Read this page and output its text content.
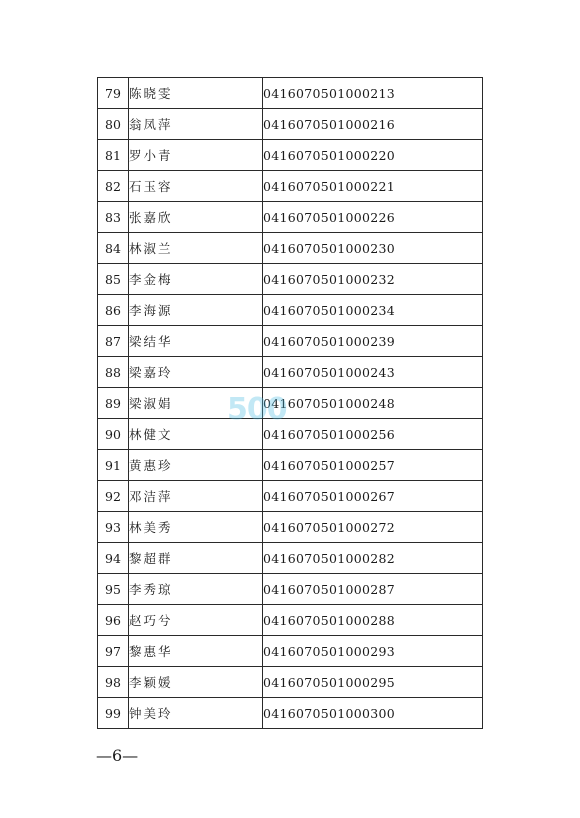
79	陈晓雯	0416070501000213
80	翁凤萍	0416070501000216
81	罗小青	0416070501000220
82	石玉容	0416070501000221
83	张嘉欣	0416070501000226
84	林淑兰	0416070501000230
85	李金梅	0416070501000232
86	李海源	0416070501000234
87	梁结华	0416070501000239
88	梁嘉玲	0416070501000243
89	梁淑娟	0416070501000248
90	林健文	0416070501000256
91	黄惠珍	0416070501000257
92	邓洁萍	0416070501000267
93	林美秀	0416070501000272
94	黎超群	0416070501000282
95	李秀琼	0416070501000287
96	赵巧兮	0416070501000288
97	黎惠华	0416070501000293
98	李颖媛	0416070501000295
99	钟美玲	0416070501000300
500
—6—
